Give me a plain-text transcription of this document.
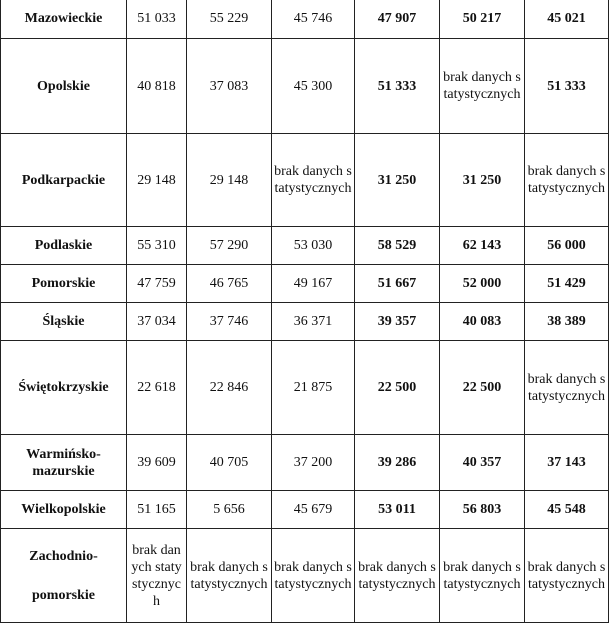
Mazowieckie	51 033	55 229	45 746	47 907	50 217	45 021
Opolskie	40 818	37 083	45 300	51 333	brak danych statystycznych	51 333
Podkarpackie	29 148	29 148	brak danych statystycznych	31 250	31 250	brak danych statystycznych
Podlaskie	55 310	57 290	53 030	58 529	62 143	56 000
Pomorskie	47 759	46 765	49 167	51 667	52 000	51 429
Śląskie	37 034	37 746	36 371	39 357	40 083	38 389
Świętokrzyskie	22 618	22 846	21 875	22 500	22 500	brak danych statystycznych

Warmińsko-
mazurskie	39 609	40 705	37 200	39 286	40 357	37 143
Wielkopolskie	51 165	5 656	45 679	53 011	56 803	45 548

Zachodnio-
pomorskie	brak danych statystycznych	brak danych statystycznych	brak danych statystycznych	brak danych statystycznych	brak danych statystycznych	brak danych statystycznych
